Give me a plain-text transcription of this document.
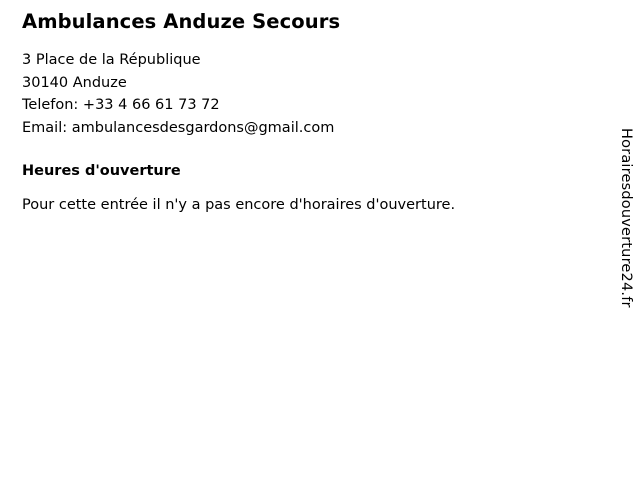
Ambulances Anduze Secours
3 Place de la République
30140 Anduze
Telefon: +33 4 66 61 73 72
Email: ambulancesdesgardons@gmail.com
Heures d'ouverture
Pour cette entrée il n'y a pas encore d'horaires d'ouverture.	Horairesdouverture24.fr
